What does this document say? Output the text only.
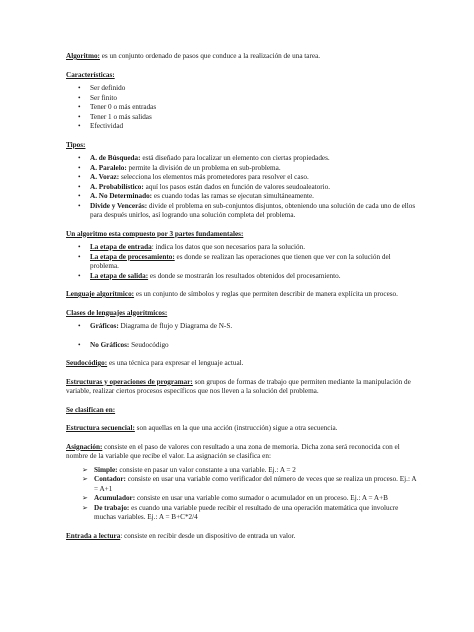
Algoritmo: es un conjunto ordenado de pasos que conduce a la realización de una tarea.

Características:

• Ser definido
• Ser finito
• Tener 0 o más entradas
• Tener 1 o más salidas
• Efectividad

Tipos:

• A. de Búsqueda: está diseñado para localizar un elemento con ciertas propiedades.
• A. Paralelo: permite la división de un problema en sub-problema.
• A. Voraz: selecciona los elementos más prometedores para resolver el caso.
• A. Probabilístico: aquí los pasos están dados en función de valores seudoaleatorio.
• A. No Determinado: es cuando todas las ramas se ejecutan simultáneamente.
• Divide y Vencerás: divide el problema en sub-conjuntos disjuntos, obteniendo una solución de cada uno de ellos para después unirlos, así logrando una solución completa del problema.

Un algoritmo esta compuesto por 3 partes fundamentales:

• La etapa de entrada: indica los datos que son necesarios para la solución.
• La etapa de procesamiento: es donde se realizan las operaciones que tienen que ver con la solución del problema.
• La etapa de salida: es donde se mostrarán los resultados obtenidos del procesamiento.

Lenguaje algorítmico: es un conjunto de símbolos y reglas que permiten describir de manera explícita un proceso.

Clases de lenguajes algorítmicos:

• Gráficos: Diagrama de flujo y Diagrama de N-S.
• No Gráficos: Seudocódigo

Seudocódigo: es una técnica para expresar el lenguaje actual.

Estructuras y operaciones de programar: son grupos de formas de trabajo que permiten mediante la manipulación de variable, realizar ciertos procesos específicos que nos lleven a la solución del problema.

Se clasifican en:

Estructura secuencial: son aquellas en la que una acción (instrucción) sigue a otra secuencia.

Asignación: consiste en el paso de valores con resultado a una zona de memoria. Dicha zona será reconocida con el nombre de la variable que recibe el valor. La asignación se clasifica en:

➢ Simple: consiste en pasar un valor constante a una variable. Ej.: A = 2
➢ Contador: consiste en usar una variable como verificador del número de veces que se realiza un proceso. Ej.: A = A+1
➢ Acumulador: consiste en usar una variable como sumador o acumulador en un proceso. Ej.: A = A+B
➢ De trabajo: es cuando una variable puede recibir el resultado de una operación matemática que involucre muchas variables. Ej.: A = B+C*2/4

Entrada a lectura: consiste en recibir desde un dispositivo de entrada un valor.
